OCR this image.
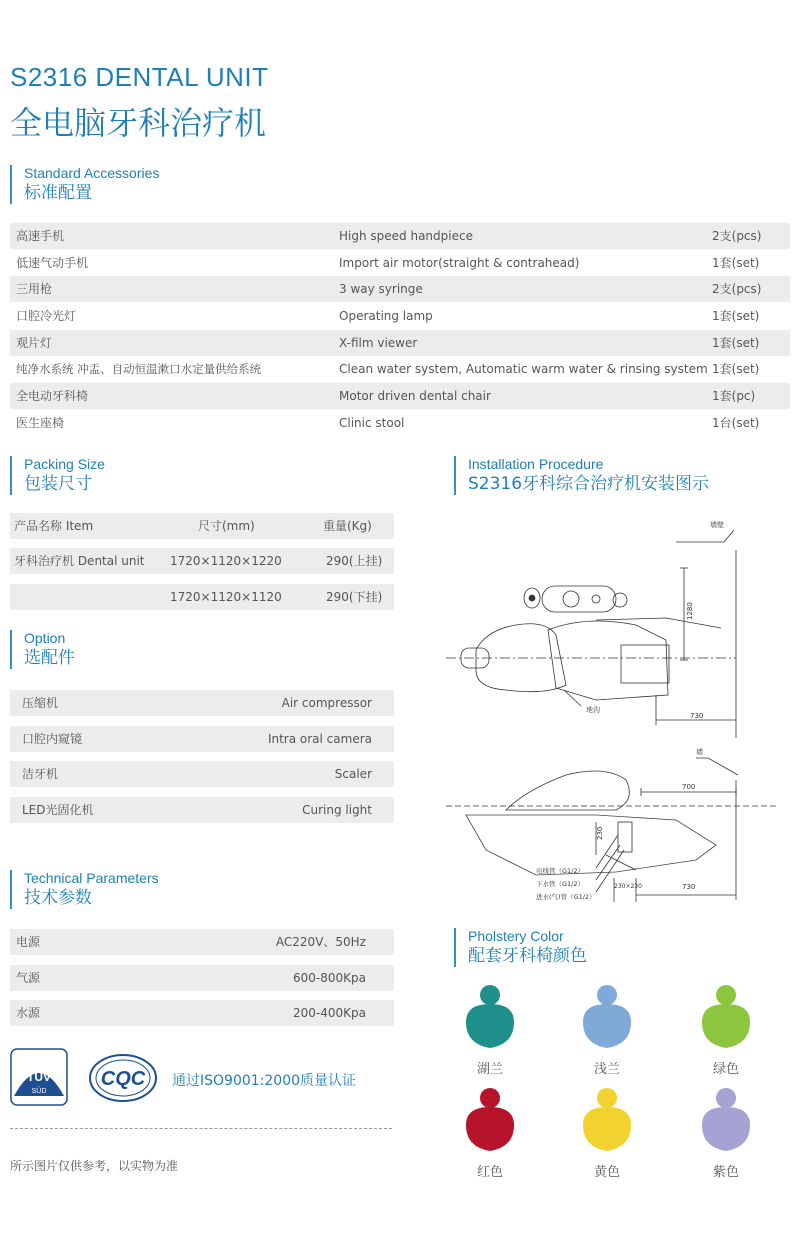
S2316 DENTAL UNIT
全电脑牙科治疗机
Standard Accessories
标准配置
高速手机	High speed handpiece	2支(pcs)
低速气动手机	Import air motor(straight & contrahead)	1套(set)
三用枪	3 way syringe	2支(pcs)
口腔冷光灯	Operating lamp	1套(set)
观片灯	X-film viewer	1套(set)
纯净水系统 冲盂、自动恒温漱口水定量供给系统	Clean water system, Automatic warm water & rinsing system 1套(set)
全电动牙科椅	Motor driven dental chair	1套(pc)
医生座椅	Clinic stool	1台(set)
Packing Size
包装尺寸
产品名称 Item	尺寸(mm)	重量(Kg)
牙科治疗机 Dental unit 1720×1120×1220	290(上挂)
1720×1120×1120	290(下挂)
Option
选配件
压缩机	Air compressor
口腔内窥镜	Intra oral camera
洁牙机	Scaler
LED光固化机	Curing light
Technical Parameters
技术参数
电源	AC220V、50Hz
气源	600-800Kpa
水源	200-400Kpa
TÜV
SÜD
CQC 通过ISO9001:2000质量认证
所示图片仅供参考，以实物为准
Installation Procedure
S2316牙科综合治疗机安装图示
墙壁
1280
地沟
730
墙
700
230
230×230	730
电线管（G1/2）
下水管（G1/2）
进水(气)管（G1/2）
Pholstery Color
配套牙科椅颜色
湖兰	浅兰	绿色
红色	黄色	紫色
